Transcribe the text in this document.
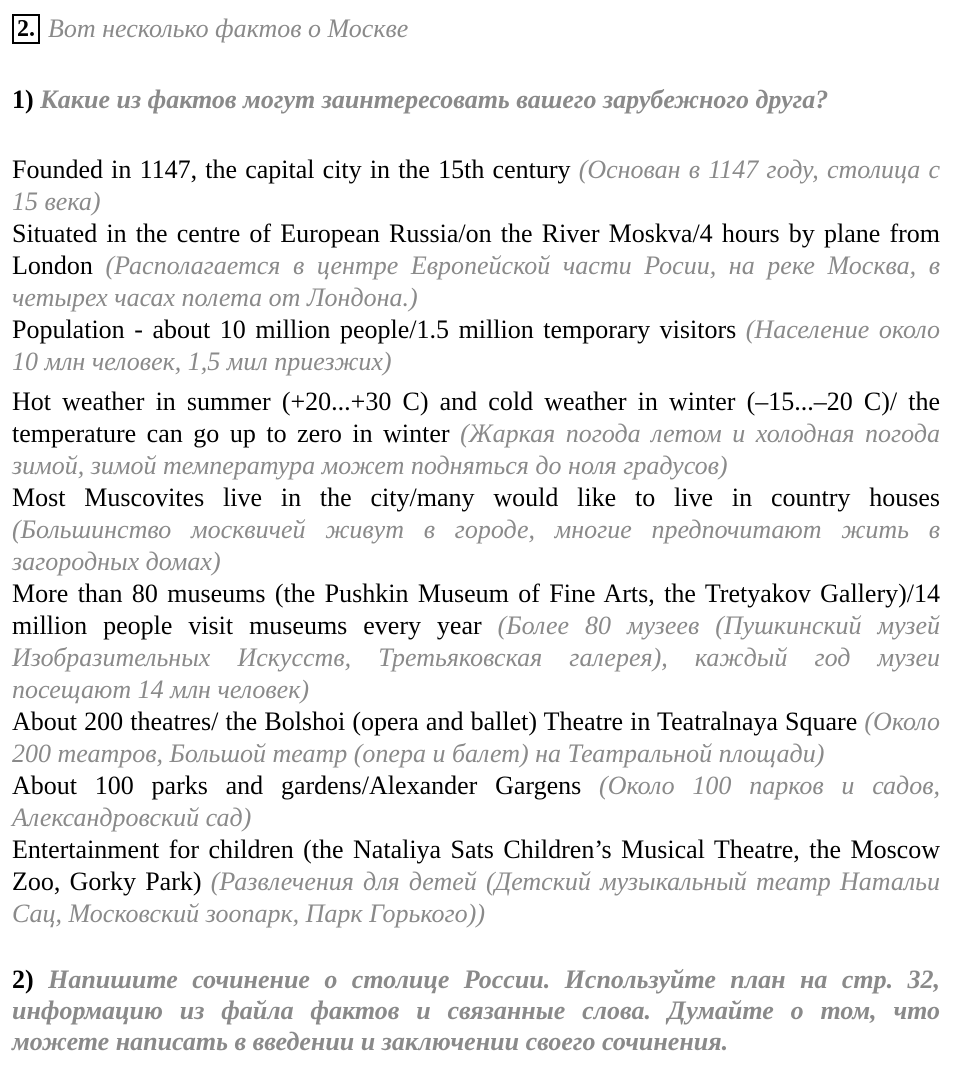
2. Вот несколько фактов о Москве
1) Какие из фактов могут заинтересовать вашего зарубежного друга?

Founded in 1147, the capital city in the 15th century (Основан в 1147 году, столица с 15 века)

Situated in the centre of European Russia/on the River Moskva/4 hours by plane from London (Располагается в центре Европейской части Росии, на реке Москва, в четырех часах полета от Лондона.)

Population - about 10 million people/1.5 million temporary visitors (Население около 10 млн человек, 1,5 мил приезжих)

Hot weather in summer (+20...+30 C) and cold weather in winter (–15...–20 C)/ the temperature can go up to zero in winter (Жаркая погода летом и холодная погода зимой, зимой температура может подняться до ноля градусов)

Most Muscovites live in the city/many would like to live in country houses (Большинство москвичей живут в городе, многие предпочитают жить в загородных домах)

More than 80 museums (the Pushkin Museum of Fine Arts, the Tretyakov Gallery)/14 million people visit museums every year (Более 80 музеев (Пушкинский музей Изобразительных Искусств, Третьяковская галерея), каждый год музеи посещают 14 млн человек)

About 200 theatres/ the Bolshoi (opera and ballet) Theatre in Teatralnaya Square (Около 200 театров, Большой театр (опера и балет) на Театральной площади)

About 100 parks and gardens/Alexander Gargens (Около 100 парков и садов, Александровский сад)

Entertainment for children (the Nataliya Sats Children’s Musical Theatre, the Moscow Zoo, Gorky Park) (Развлечения для детей (Детский музыкальный театр Натальи Сац, Московский зоопарк, Парк Горького))

2) Напишите сочинение о столице России. Используйте план на стр. 32, информацию из файла фактов и связанные слова. Думайте о том, что можете написать в введении и заключении своего сочинения.
